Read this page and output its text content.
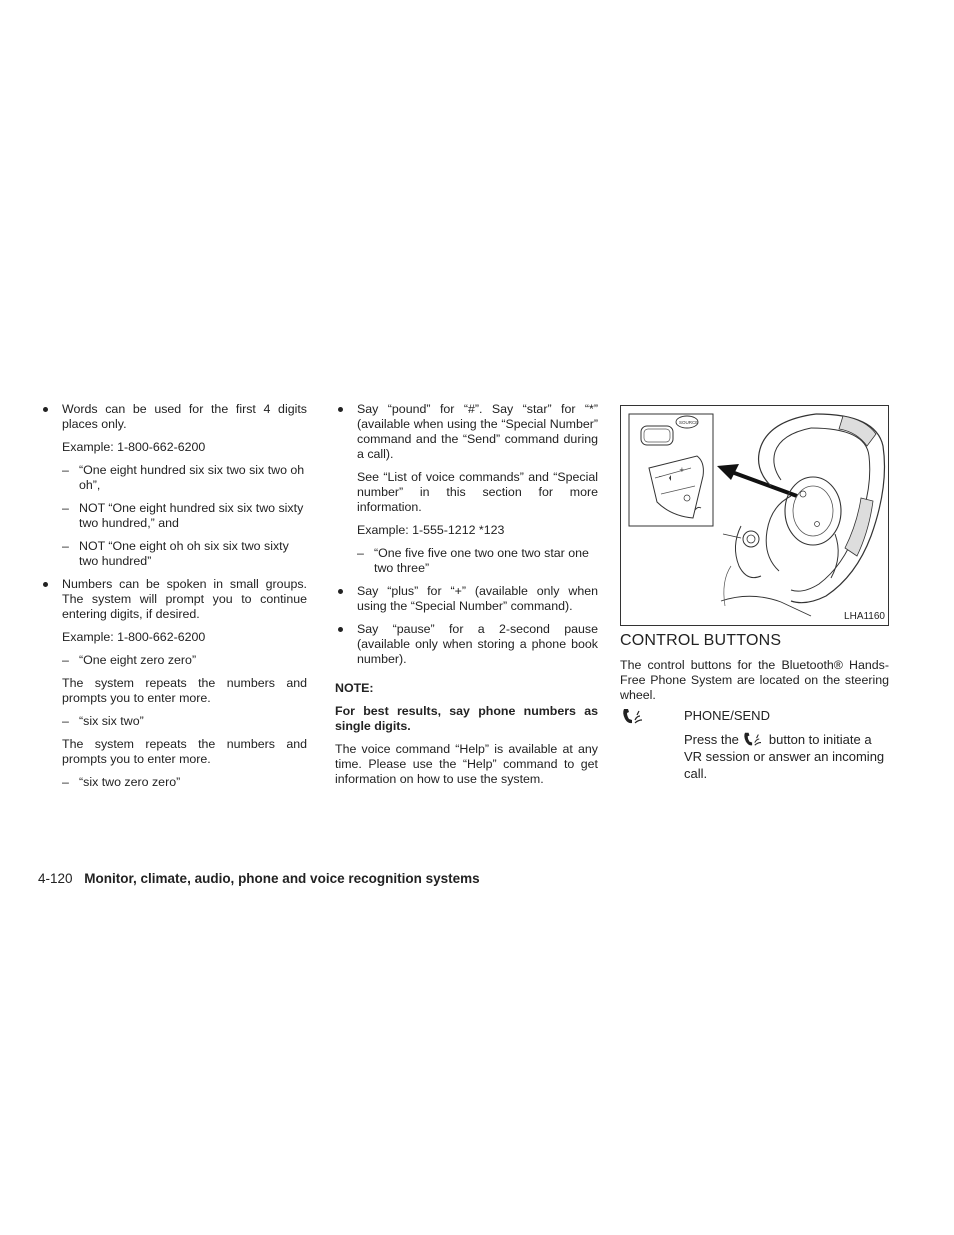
Words can be used for the first 4 digits places only.
Example: 1-800-662-6200
– “One eight hundred six six two six two oh oh”,
– NOT “One eight hundred six six two sixty two hundred,” and
– NOT “One eight oh oh six six two sixty two hundred”
Numbers can be spoken in small groups. The system will prompt you to continue entering digits, if desired.
Example: 1-800-662-6200
– “One eight zero zero”
The system repeats the numbers and prompts you to enter more.
– “six six two”
The system repeats the numbers and prompts you to enter more.
– “six two zero zero”
Say “pound” for “#”. Say “star” for “*” (available when using the “Special Number” command and the “Send” command during a call).
See “List of voice commands” and “Special number” in this section for more information.
Example: 1-555-1212 *123
– “One five five one two one two star one two three”
Say “plus” for “+” (available only when using the “Special Number” command).
Say “pause” for a 2-second pause (available only when storing a phone book number).
NOTE:
For best results, say phone numbers as single digits.
The voice command “Help” is available at any time. Please use the “Help” command to get information on how to use the system.
SOURCE
–
+
LHA1160
CONTROL BUTTONS
The control buttons for the Bluetooth® Hands-Free Phone System are located on the steering wheel.
PHONE/SEND
Press the button to initiate a VR session or answer an incoming call.
4-120 Monitor, climate, audio, phone and voice recognition systems
